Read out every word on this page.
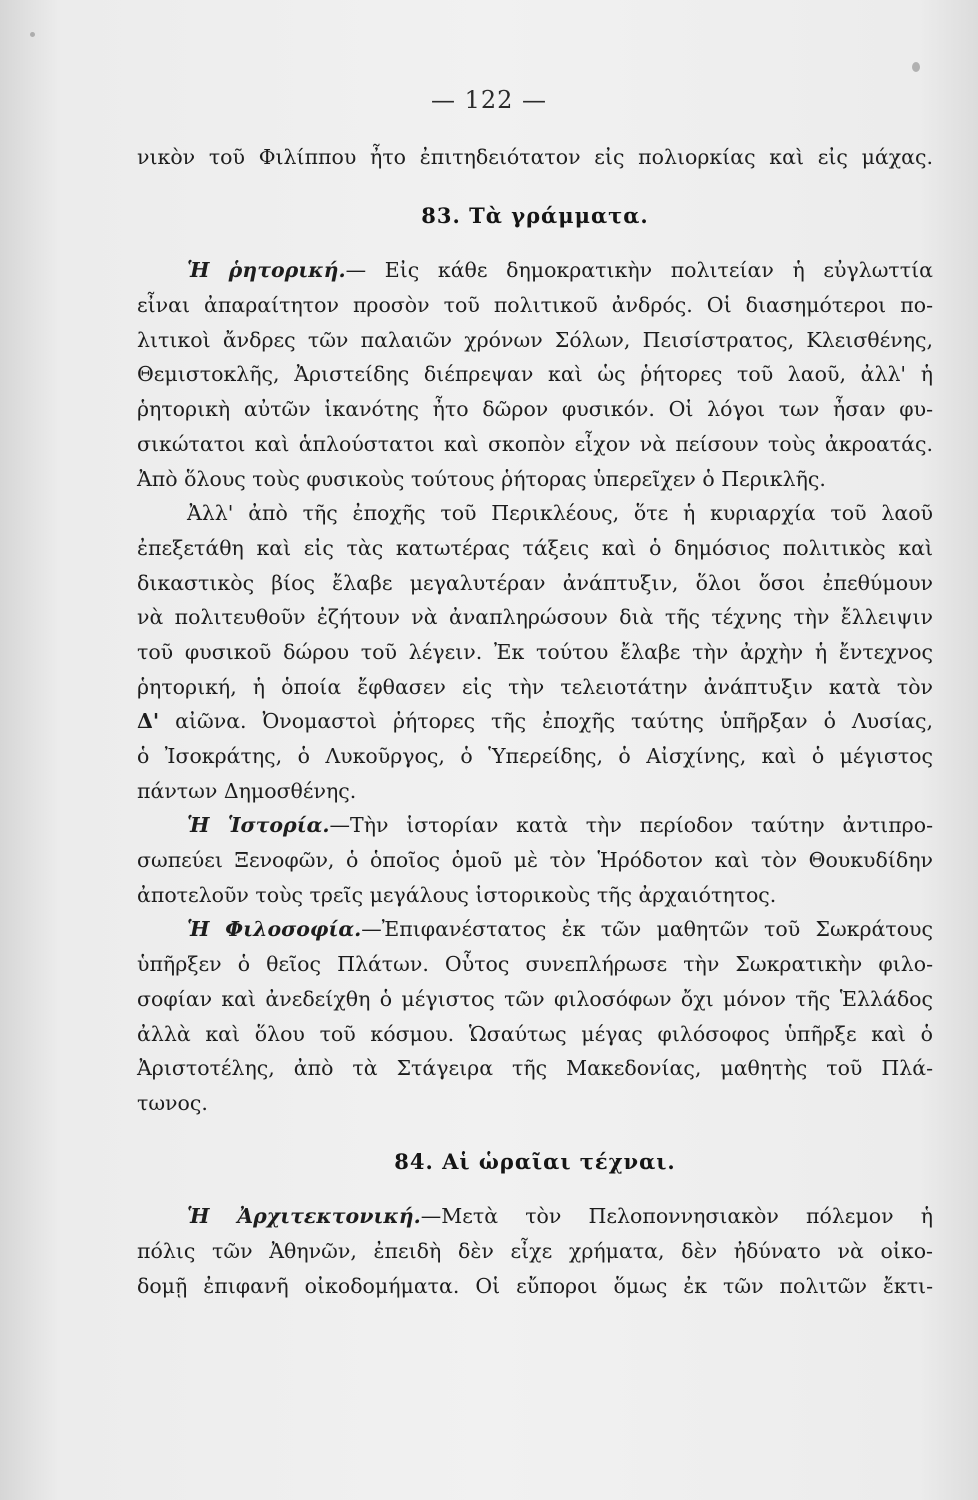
— 122 —
νικὸν τοῦ Φιλίππου ἦτο ἐπιτηδειότατον εἰς πολιορκίας καὶ εἰς μάχας.
83. Τὰ γράμματα.
Ἡ ῥητορική.— Εἰς κάθε δημοκρατικὴν πολιτείαν ἡ εὐγλωττία
εἶναι ἀπαραίτητον προσὸν τοῦ πολιτικοῦ ἀνδρός. Οἱ διασημότεροι πο-
λιτικοὶ ἄνδρες τῶν παλαιῶν χρόνων Σόλων, Πεισίστρατος, Κλεισθένης,
Θεμιστοκλῆς, Ἀριστείδης διέπρεψαν καὶ ὡς ῥήτορες τοῦ λαοῦ, ἀλλ' ἡ
ῥητορικὴ αὐτῶν ἱκανότης ἦτο δῶρον φυσικόν. Οἱ λόγοι των ἦσαν φυ-
σικώτατοι καὶ ἁπλούστατοι καὶ σκοπὸν εἶχον νὰ πείσουν τοὺς ἀκροατάς.
Ἀπὸ ὅλους τοὺς φυσικοὺς τούτους ῥήτορας ὑπερεῖχεν ὁ Περικλῆς.
Ἀλλ' ἀπὸ τῆς ἐποχῆς τοῦ Περικλέους, ὅτε ἡ κυριαρχία τοῦ λαοῦ
ἐπεξετάθη καὶ εἰς τὰς κατωτέρας τάξεις καὶ ὁ δημόσιος πολιτικὸς καὶ
δικαστικὸς βίος ἔλαβε μεγαλυτέραν ἀνάπτυξιν, ὅλοι ὅσοι ἐπεθύμουν
νὰ πολιτευθοῦν ἐζήτουν νὰ ἀναπληρώσουν διὰ τῆς τέχνης τὴν ἔλλειψιν
τοῦ φυσικοῦ δώρου τοῦ λέγειν. Ἐκ τούτου ἔλαβε τὴν ἀρχὴν ἡ ἔντεχνος
ῥητορική, ἡ ὁποία ἔφθασεν εἰς τὴν τελειοτάτην ἀνάπτυξιν κατὰ τὸν
Δ' αἰῶνα. Ὀνομαστοὶ ῥήτορες τῆς ἐποχῆς ταύτης ὑπῆρξαν ὁ Λυσίας,
ὁ Ἰσοκράτης, ὁ Λυκοῦργος, ὁ Ὑπερείδης, ὁ Αἰσχίνης, καὶ ὁ μέγιστος
πάντων Δημοσθένης.
Ἡ Ἱστορία.—Τὴν ἱστορίαν κατὰ τὴν περίοδον ταύτην ἀντιπρο-
σωπεύει Ξενοφῶν, ὁ ὁποῖος ὁμοῦ μὲ τὸν Ἡρόδοτον καὶ τὸν Θουκυδίδην
ἀποτελοῦν τοὺς τρεῖς μεγάλους ἱστορικοὺς τῆς ἀρχαιότητος.
Ἡ Φιλοσοφία.—Ἐπιφανέστατος ἐκ τῶν μαθητῶν τοῦ Σωκράτους
ὑπῆρξεν ὁ θεῖος Πλάτων. Οὗτος συνεπλήρωσε τὴν Σωκρατικὴν φιλο-
σοφίαν καὶ ἀνεδείχθη ὁ μέγιστος τῶν φιλοσόφων ὄχι μόνον τῆς Ἑλλάδος
ἀλλὰ καὶ ὅλου τοῦ κόσμου. Ὡσαύτως μέγας φιλόσοφος ὑπῆρξε καὶ ὁ
Ἀριστοτέλης, ἀπὸ τὰ Στάγειρα τῆς Μακεδονίας, μαθητὴς τοῦ Πλά-
τωνος.
84. Αἱ ὡραῖαι τέχναι.
Ἡ Ἀρχιτεκτονική.—Μετὰ τὸν Πελοποννησιακὸν πόλεμον ἡ
πόλις τῶν Ἀθηνῶν, ἐπειδὴ δὲν εἶχε χρήματα, δὲν ἠδύνατο νὰ οἰκο-
δομῇ ἐπιφανῆ οἰκοδομήματα. Οἱ εὔποροι ὅμως ἐκ τῶν πολιτῶν ἔκτι-
